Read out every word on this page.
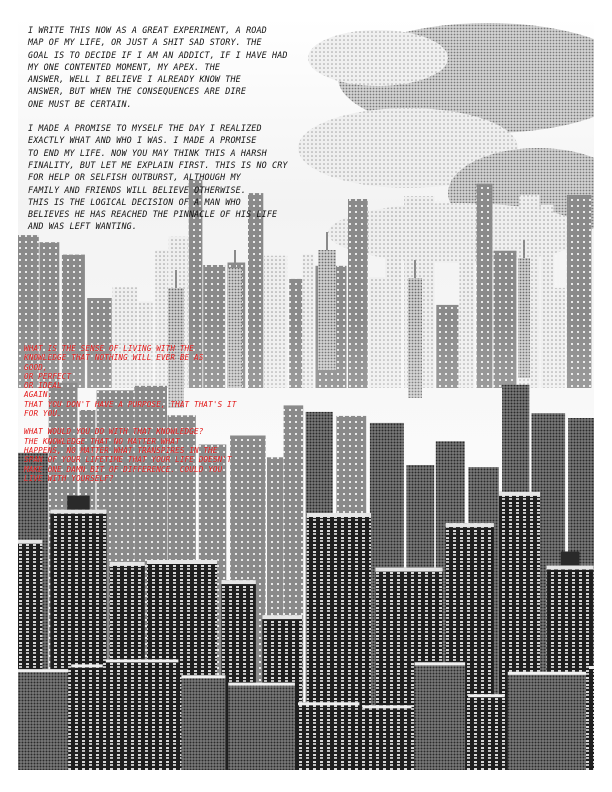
I WRITE THIS NOW AS A GREAT EXPERIMENT, A ROAD
MAP OF MY LIFE, OR JUST A SHIT SAD STORY. THE
GOAL IS TO DECIDE IF I AM AN ADDICT, IF I HAVE HAD
MY ONE CONTENTED MOMENT, MY APEX. THE
ANSWER, WELL I BELIEVE I ALREADY KNOW THE
ANSWER, BUT WHEN THE CONSEQUENCES ARE DIRE
ONE MUST BE CERTAIN.

I MADE A PROMISE TO MYSELF THE DAY I REALIZED
EXACTLY WHAT AND WHO I WAS. I MADE A PROMISE
TO END MY LIFE. NOW YOU MAY THINK THIS A HARSH
FINALITY, BUT LET ME EXPLAIN FIRST. THIS IS NO CRY
FOR HELP OR SELFISH OUTBURST, ALTHOUGH MY
FAMILY AND FRIENDS WILL BELIEVE OTHERWISE.
THIS IS THE LOGICAL DECISION OF A MAN WHO
BELIEVES HE HAS REACHED THE PINNACLE OF HIS LIFE
AND WAS LEFT WANTING.

WHAT IS THE SENSE OF LIVING WITH THE
KNOWLEDGE THAT NOTHING WILL EVER BE AS
GOOD,
OR PERFECT
OR IDEAL
AGAIN.
THAT YOU DON'T HAVE A PURPOSE, THAT THAT'S IT
FOR YOU.

WHAT WOULD YOU DO WITH THAT KNOWLEDGE?
THE KNOWLEDGE THAT NO MATTER WHAT
HAPPENS, NO MATTER WHAT TRANSPIRES IN THE
SPAN OF YOUR LIFETIME THAT YOUR LIFE DOESN'T
MAKE ONE DAMN BIT OF DIFFERENCE. COULD YOU
LIVE WITH YOURSELF?
